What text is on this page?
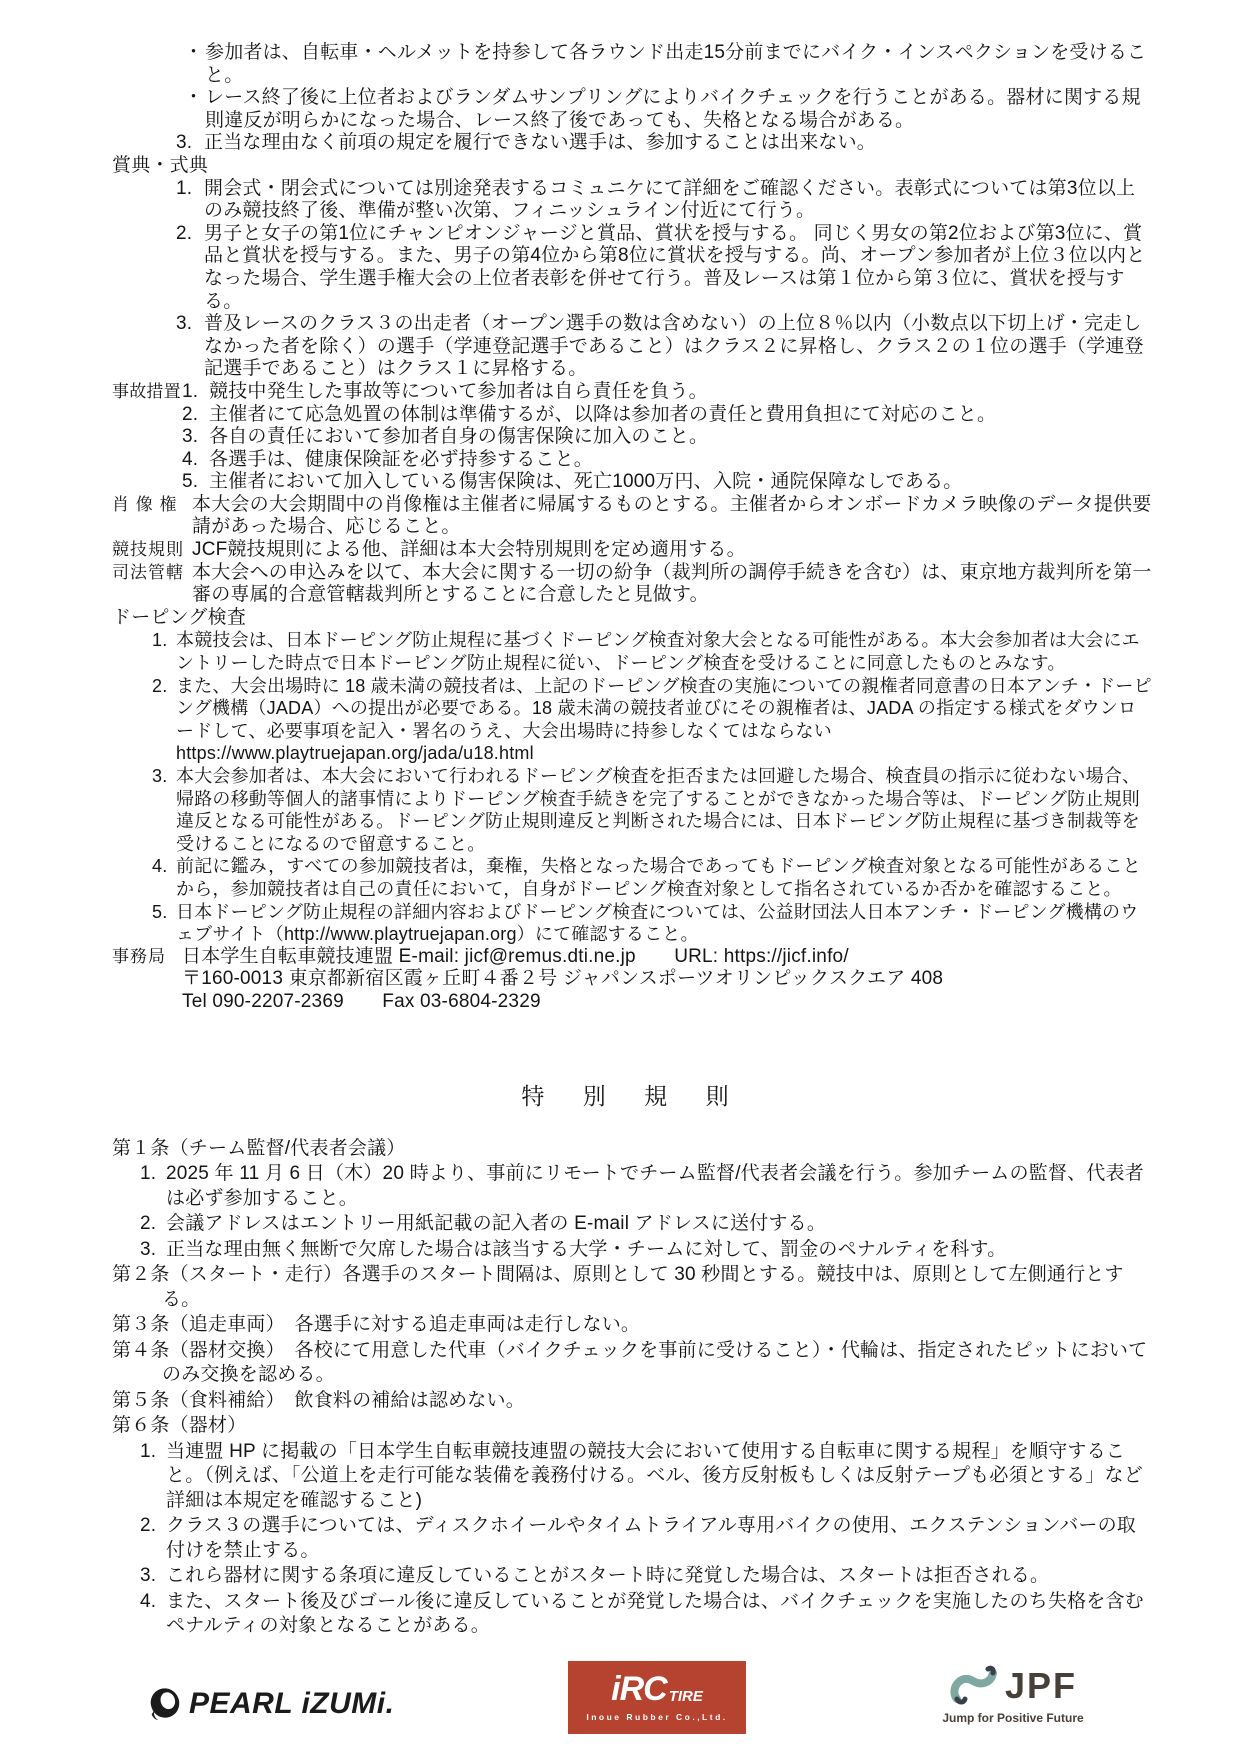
・参加者は、自転車・ヘルメットを持参して各ラウンド出走15分前までにバイク・インスペクションを受けること。
・レース終了後に上位者およびランダムサンプリングによりバイクチェックを行うことがある。器材に関する規則違反が明らかになった場合、レース終了後であっても、失格となる場合がある。
3. 正当な理由なく前項の規定を履行できない選手は、参加することは出来ない。
賞典・式典
1. 開会式・閉会式については別途発表するコミュニケにて詳細をご確認ください。表彰式については第3位以上のみ競技終了後、準備が整い次第、フィニッシュライン付近にて行う。
2. 男子と女子の第1位にチャンピオンジャージと賞品、賞状を授与する。 同じく男女の第2位および第3位に、賞品と賞状を授与する。また、男子の第4位から第8位に賞状を授与する。尚、オープン参加者が上位３位以内となった場合、学生選手権大会の上位者表彰を併せて行う。普及レースは第１位から第３位に、賞状を授与する。
3. 普及レースのクラス３の出走者（オープン選手の数は含めない）の上位８％以内（小数点以下切上げ・完走しなかった者を除く）の選手（学連登記選手であること）はクラス２に昇格し、クラス２の１位の選手（学連登記選手であること）はクラス１に昇格する。
事故措置1. 競技中発生した事故等について参加者は自ら責任を負う。
2. 主催者にて応急処置の体制は準備するが、以降は参加者の責任と費用負担にて対応のこと。
3. 各自の責任において参加者自身の傷害保険に加入のこと。
4. 各選手は、健康保険証を必ず持参すること。
5. 主催者において加入している傷害保険は、死亡1000万円、入院・通院保障なしである。
肖 像 権 本大会の大会期間中の肖像権は主催者に帰属するものとする。主催者からオンボードカメラ映像のデータ提供要請があった場合、応じること。
競技規則 JCF競技規則による他、詳細は本大会特別規則を定め適用する。
司法管轄 本大会への申込みを以て、本大会に関する一切の紛争（裁判所の調停手続きを含む）は、東京地方裁判所を第一審の専属的合意管轄裁判所とすることに合意したと見做す。
ドーピング検査
1. 本競技会は、日本ドーピング防止規程に基づくドーピング検査対象大会となる可能性がある。本大会参加者は大会にエントリーした時点で日本ドーピング防止規程に従い、ドーピング検査を受けることに同意したものとみなす。
2. また、大会出場時に 18 歳未満の競技者は、上記のドーピング検査の実施についての親権者同意書の日本アンチ・ドーピング機構（JADA）への提出が必要である。18 歳未満の競技者並びにその親権者は、JADA の指定する様式をダウンロードして、必要事項を記入・署名のうえ、大会出場時に持参しなくてはならない https://www.playtruejapan.org/jada/u18.html
3. 本大会参加者は、本大会において行われるドーピング検査を拒否または回避した場合、検査員の指示に従わない場合、帰路の移動等個人的諸事情によりドーピング検査手続きを完了することができなかった場合等は、ドーピング防止規則違反となる可能性がある。ドーピング防止規則違反と判断された場合には、日本ドーピング防止規程に基づき制裁等を受けることになるので留意すること。
4. 前記に鑑み，すべての参加競技者は，棄権，失格となった場合であってもドーピング検査対象となる可能性があることから，参加競技者は自己の責任において，自身がドーピング検査対象として指名されているか否かを確認すること。
5. 日本ドーピング防止規程の詳細内容およびドーピング検査については、公益財団法人日本アンチ・ドーピング機構のウェブサイト（http://www.playtruejapan.org）にて確認すること。
事務局 日本学生自転車競技連盟 E-mail: jicf@remus.dti.ne.jp　　URL: https://jicf.info/
〒160-0013 東京都新宿区霞ヶ丘町４番２号 ジャパンスポーツオリンピックスクエア 408
Tel 090-2207-2369　　Fax 03-6804-2329
特 別 規 則
第１条（チーム監督/代表者会議）
1. 2025 年 11 月 6 日（木）20 時より、事前にリモートでチーム監督/代表者会議を行う。参加チームの監督、代表者は必ず参加すること。
2. 会議アドレスはエントリー用紙記載の記入者の E-mail アドレスに送付する。
3. 正当な理由無く無断で欠席した場合は該当する大学・チームに対して、罰金のペナルティを科す。
第２条（スタート・走行）各選手のスタート間隔は、原則として 30 秒間とする。競技中は、原則として左側通行とする。
第３条（追走車両）　各選手に対する追走車両は走行しない。
第４条（器材交換）　各校にて用意した代車（バイクチェックを事前に受けること）・代輪は、指定されたピットにおいてのみ交換を認める。
第５条（食料補給）　飲食料の補給は認めない。
第６条（器材）
1. 当連盟 HP に掲載の「日本学生自転車競技連盟の競技大会において使用する自転車に関する規程」を順守すること。（例えば、「公道上を走行可能な装備を義務付ける。ベル、後方反射板もしくは反射テープも必須とする」など詳細は本規定を確認すること)
2. クラス３の選手については、ディスクホイールやタイムトライアル専用バイクの使用、エクステンションバーの取付けを禁止する。
3. これら器材に関する条項に違反していることがスタート時に発覚した場合は、スタートは拒否される。
4. また、スタート後及びゴール後に違反していることが発覚した場合は、バイクチェックを実施したのち失格を含むペナルティの対象となることがある。
PEARL iZUMi.	iRC TIRE
Inoue Rubber Co.,Ltd.
JPF
Jump for Positive Future
